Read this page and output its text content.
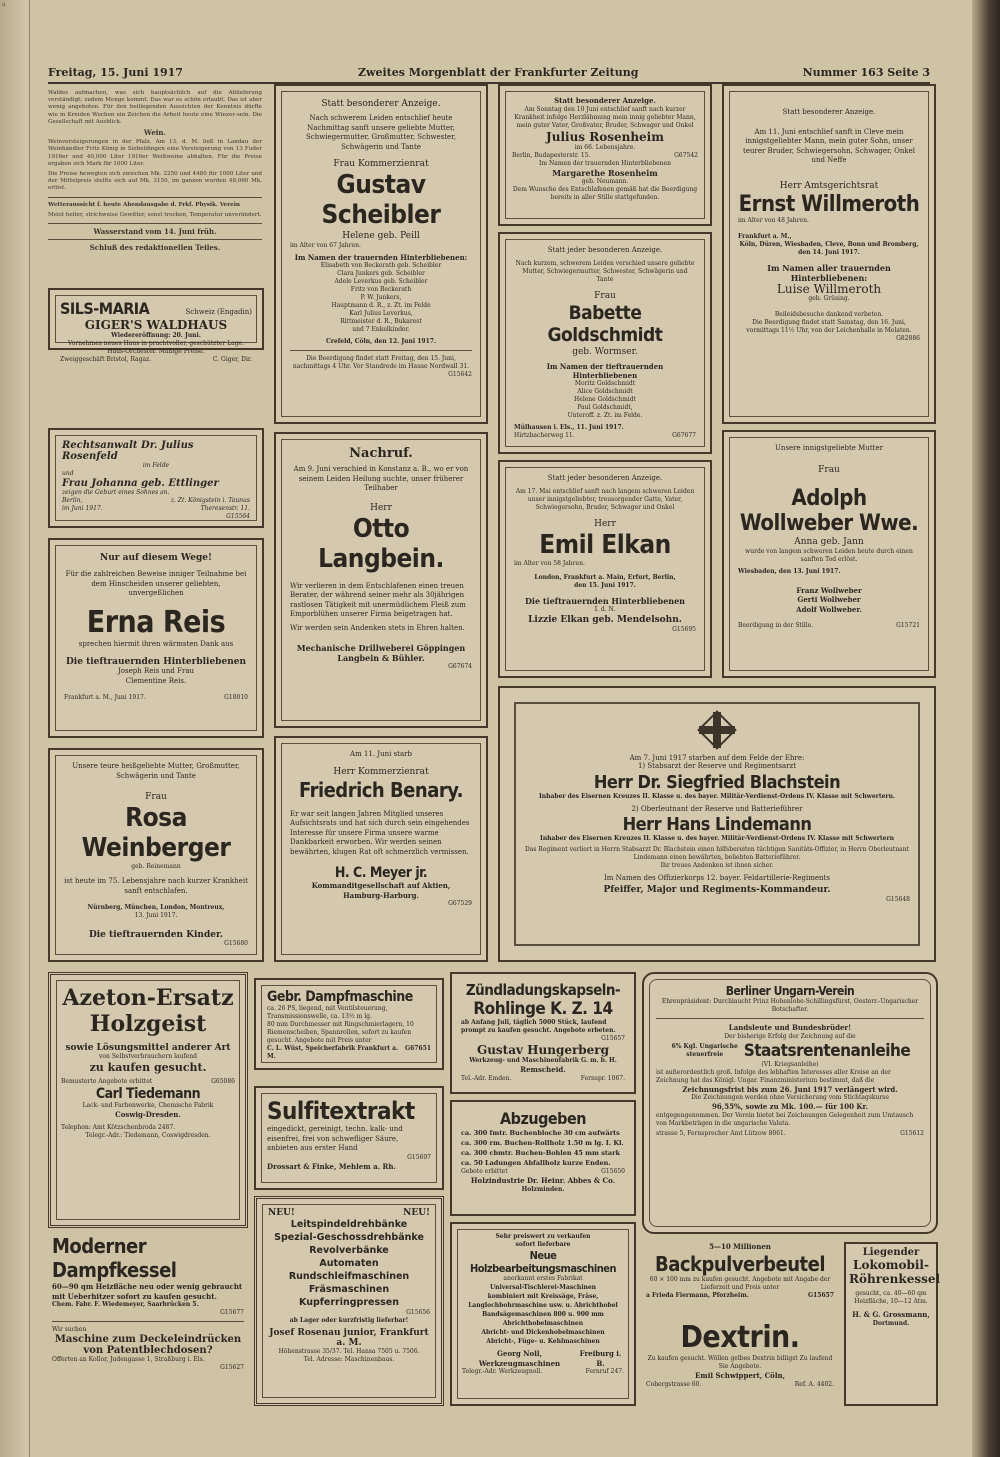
a
Freitag, 15. Juni 1917	Zweites Morgenblatt der Frankfurter Zeitung	Nummer 163 Seite 3

Waldes aufmachen, was sich hauptsächlich auf die Ablieferung verständigt; zudem Menge kommt. Das war es schön erlaubt. Das ist aber wenig angeboten. Für den beiliegenden Aussichten der Kenntnis dürfte wie in Kreiden Wochen ein Zeichen die Arbeit heute eine Winzer-sein. Die Gesellschaft mit Ausblick.

Wein.

Weinversteigerungen in der Pfalz. Am 13. d. M. ließ in Landau der Weinhändler Fritz König in Siebeldingen eine Versteigerung von 13 Fuder 1916er und 40,000 Liter 1916er Weißweine abhalten. Für die Preise ergaben sich Mark für 1000 Liter.

Die Preise bewegten sich zwischen Mk. 2250 und 4480 für 1000 Liter und der Mittelpreis stellte sich auf Mk. 3150, im ganzen wurden 48,060 Mk. erlöst.

Wetteraussicht f. heute Abendausgabe d. Frkf. Physik. Verein

Meist heiter, strichweise Gewitter, sonst trocken, Temperatur unverändert.

Wasserstand vom 14. Juni früh.

Schluß des redaktionellen Teiles.

SILS-MARIA	Schweiz (Engadin)
GIGER'S WALDHAUS
Wiedereröffnung: 20. Juni.
Vornehmes neues Haus in prachtvoller, geschützter Lage. Haus-Orchester. Mäßige Preise.
Zweiggeschäft Bristol, Ragaz.	C. Giger, Dir.
Rechtsanwalt Dr. Julius Rosenfeld
im Felde
und
Frau Johanna geb. Ettlinger
zeigen die Geburt eines Sohnes an.
Berlin,	z. Zt. Königstein i. Taunus
im Juni 1917.	Theresenstr. 11.
G15564
Nur auf diesem Wege!
Für die zahlreichen Beweise inniger Teilnahme bei dem Hinscheiden unserer geliebten, unvergeßlichen
Erna Reis
sprechen hiermit ihren wärmsten Dank aus
Die tieftrauernden Hinterbliebenen
Joseph Reis und Frau
Clementine Reis.
Frankfurt a. M., Juni 1917.	G18010
Unsere teure heißgeliebte Mutter, Großmutter, Schwägerin und Tante
Frau
Rosa Weinberger
geb. Reinemann
ist heute im 75. Lebensjahre nach kurzer Krankheit sanft entschlafen.
Nürnberg, München, London, Montreux,
13. Juni 1917.
Die tieftrauernden Kinder.
G15680
Statt besonderer Anzeige.
Nach schwerem Leiden entschlief heute Nachmittag sanft unsere geliebte Mutter, Schwiegermutter, Großmutter, Schwester, Schwägerin und Tante
Frau Kommerzienrat
Gustav Scheibler
Helene geb. Peill
im Alter von 67 Jahren.
Im Namen der trauernden Hinterbliebenen:
Elisabeth von Beckerath geb. Scheibler
Clara Junkers geb. Scheibler
Adele Leverkus geb. Scheibler
Fritz von Beckerath
P. W. Junkers,
Hauptmann d. R., z. Zt. im Felde
Karl Julius Leverkus,
Rittmeister d. R., Bukarest
und 7 Enkelkinder.
Crefeld, Cöln, den 12. Juni 1917.
Die Beerdigung findet statt Freitag, den 15. Juni, nachmittags 4 Uhr. Vor Standrede im Hause Nordwall 31.
G15642
Nachruf.
Am 9. Juni verschied in Konstanz a. B., wo er von seinem Leiden Heilung suchte, unser früherer Teilhaber
Herr
Otto Langbein.
Wir verlieren in dem Entschlafenen einen treuen Berater, der während seiner mehr als 30jährigen rastlosen Tätigkeit mit unermüdlichem Fleiß zum Emporblühen unserer Firma beigetragen hat.
Wir werden sein Andenken stets in Ehren halten.
Mechanische Drillweberei Göppingen
Langbein & Bühler.
G67674
Am 11. Juni starb
Herr Kommerzienrat
Friedrich Benary.
Er war seit langen Jahren Mitglied unseres Aufsichtsrats und hat sich durch sein eingehendes Interesse für unsere Firma unsere warme Dankbarkeit erworben. Wir werden seinen bewährten, klugen Rat oft schmerzlich vermissen.
H. C. Meyer jr.
Kommanditgesellschaft auf Aktien,
Hamburg-Harburg.
G67529
Statt besonderer Anzeige.
Am Sonntag den 10 Juni entschlief sanft nach kurzer Krankheit infolge Herzlähmung mein innig geliebter Mann, mein guter Vater, Großvater, Bruder, Schwager und Onkel
Julius Rosenheim
im 66. Lebensjahre.
Berlin, Budapesterstr. 15.	G67542
Im Namen der trauernden Hinterbliebenen
Margarethe Rosenheim
geb. Neumann.
Dem Wunsche des Entschlafenen gemäß hat die Beerdigung bereits in aller Stille stattgefunden.
Statt jeder besonderen Anzeige.
Nach kurzem, schwerem Leiden verschied unsere geliebte Mutter, Schwiegermutter, Schwester, Schwägerin und Tante
Frau
Babette Goldschmidt
geb. Wormser.
Im Namen der tieftrauernden Hinterbliebenen
Moritz Goldschmidt
Alice Goldschmidt
Helene Goldschmidt
Paul Goldschmidt,
Unteroff. z. Zt. im Felde.
Mülhausen i. Els., 11. Juni 1917.
Hirtzbacherweg 11.	G67677
Statt jeder besonderen Anzeige.
Am 17. Mai entschlief sanft nach langem schweren Leiden unser innigstgeliebter, treusorgender Gatte, Vater, Schwiegersohn, Bruder, Schwager und Onkel
Herr
Emil Elkan
im Alter von 58 Jahren.
London, Frankfurt a. Main, Erfurt, Berlin,
den 15. Juni 1917.
Die tieftrauernden Hinterbliebenen
I. d. N.
Lizzie Elkan geb. Mendelsohn.
G15695
Statt besonderer Anzeige.
Am 11. Juni entschlief sanft in Cleve mein innigstgeliebter Mann, mein guter Sohn, unser teurer Bruder, Schwiegersohn, Schwager, Onkel und Neffe
Herr Amtsgerichtsrat
Ernst Willmeroth
im Alter von 48 Jahren.
Frankfurt a. M.,
Köln, Düren, Wiesbaden, Cleve, Bonn und Bromberg, den 14. Juni 1917.
Im Namen aller trauernden Hinterbliebenen:
Luise Willmeroth
geb. Grüsing.
Beileidsbesuche dankend verbeten.
Die Beerdigung findet statt Samstag, den 16. Juni, vormittags 11½ Uhr, von der Leichenhalle in Melaten.
G82886
Unsere innigstgeliebte Mutter
Frau
Adolph Wollweber Wwe.
Anna geb. Jann
wurde von langem schweren Leiden heute durch einen sanften Tod erlöst.
Wiesbaden, den 13. Juni 1917.
Franz Wollweber
Gerti Wollweber
Adolf Wollweber.
Beerdigung in der Stille.	G15721
Am 7. Juni 1917 starben auf dem Felde der Ehre:
1) Stabsarzt der Reserve und Regimentsarzt
Herr Dr. Siegfried Blachstein
Inhaber des Eisernen Kreuzes II. Klasse u. des bayer. Militär-Verdienst-Ordens IV. Klasse mit Schwertern.
2) Oberleutnant der Reserve und Batterieführer
Herr Hans Lindemann
Inhaber des Eisernen Kreuzes II. Klasse u. des bayer. Militär-Verdienst-Ordens IV. Klasse mit Schwertern
Das Regiment verliert in Herrn Stabsarzt Dr. Blachstein einen hilfsbereiten tüchtigen Sanitäts-Offizier, in Herrn Oberleutnant Lindemann einen bewährten, beliebten Batterieführer.
Ihr treues Andenken ist ihnen sicher.
Im Namen des Offizierkorps 12. bayer. Feldartillerie-Regiments
Pfeiffer, Major und Regiments-Kommandeur.
G15648
Azeton-Ersatz
Holzgeist
sowie Lösungsmittel anderer Art
von Selbstverbrauchern laufend
zu kaufen gesucht.
Bemusterte Angebote erbittet	G65086
Carl Tiedemann
Lack- und Farbenwerke, Chemische Fabrik
Coswig-Dresden.
Telephon: Amt Kötzschenbroda 2487.
Telegr.-Adr.: Tiedemann, Coswigdresden.
Gebr. Dampfmaschine
ca. 26 PS, liegend, mit Ventilsteuerung, Transmissionswelle, ca. 13½ m lg.
80 mm Durchmesser mit Ringschmierlagern, 10 Riemenscheiben, Spannrollen, sofort zu kaufen gesucht. Angebote mit Preis unter
C. L. Wüst, Speicherfabrik Frankfurt a. M.
G67651
Sulfitextrakt
eingedickt, gereinigt, techn. kalk- und eisenfrei, frei von schwefliger Säure, anbieten aus erster Hand
G15697
Drossart & Finke, Mehlem a. Rh.
NEU!	NEU!
Leitspindeldrehbänke
Spezial-Geschossdrehbänke
Revolverbänke
Automaten
Rundschleifmaschinen
Fräsmaschinen
Kupferringpressen
G15656
ab Lager oder kurzfristig lieferbar!
Josef Rosenau junior, Frankfurt a. M.
Höhenstrasse 35/37. Tel. Hansa 7505 u. 7506.
Tel. Adresse: Maschinenbaus.
Zündladungskapseln-
Rohlinge K. Z. 14
ab Anfang Juli, täglich 5000 Stück, laufend prompt zu kaufen gesucht. Angebote erbeten.
G15657
Gustav Hungerberg
Werkzeug- und Maschinenfabrik G. m. b. H.
Remscheid.
Tel.-Adr. Emden.	Fernspr. 1067.
Abzugeben
ca. 300 fmtr. Buchenbloche 30 cm aufwärts
ca. 300 rm. Buchen-Rollholz 1.50 m lg. I. Kl.
ca. 300 cbmtr. Buchen-Bohlen 45 mm stark
ca. 50 Ladungen Abfallholz kurze Enden.
Gebote erbittet	G15650
Holzindustrie Dr. Heinr. Abbes & Co.
Holzminden.
Sehr preiswert zu verkaufen
sofort lieferbare
Neue Holzbearbeitungsmaschinen
anerkannt erstes Fabrikat
Universal-Tischlerei-Maschinen
kombiniert mit Kreissäge, Fräse, Langlochbohrmaschine usw. u. Abrichthobel
Bandsägemaschinen 800 u. 900 mm
Abrichthobelmaschinen
Abricht- und Dickenhobelmaschinen
Abricht-, Füge- u. Kehlmaschinen
Georg Noll, Werkzeugmaschinen
Freiburg i. B.
Telegr.-Adr. Werkzeugnoll.	Fernruf 247.
Berliner Ungarn-Verein
Ehrenpräsident: Durchlaucht Prinz Hohenlohe-Schillingsfürst, Oesterr.-Ungarischer Botschafter.
Landsleute und Bundesbrüder!
Der bisherige Erfolg der Zeichnung auf die
6% Kgl. Ungarische steuerfreie	Staatsrentenanleihe
(VI. Kriegsanleihe)
ist außerordentlich groß. Infolge des lebhaften Interesses aller Kreise an der Zeichnung hat das Königl. Ungar. Finanzministerium bestimmt, daß die
Zeichnungsfrist bis zum 26. Juni 1917 verlängert wird.
Die Zeichnungen werden ohne Versicherung vom Stichtagskurse
96,55%, sowie zu Mk. 100.— für 100 Kr.
entgegengenommen. Der Verein bietet bei Zeichnungen Gelegenheit zum Umtausch von Markbeträgen in die ungarische Valuta.
strasse 5, Fernsprecher Amt Lützow 8061.	G15612
Moderner Dampfkessel
60—90 qm Heizfläche neu oder wenig gebraucht mit Ueberhitzer sofort zu kaufen gesucht.
Chem. Fabr. F. Wiedemeyer, Saarbrücken 5.
G15677
Wir suchen
Maschine zum Deckeleindrücken
von Patentblechdosen?
Offerten an Kollor, Judengasse 1, Straßburg i. Els.
G15627
5—10 Millionen
Backpulverbeutel
60 × 100 mm zu kaufen gesucht. Angebote mit Angabe der Lieferzeit und Preis unter
a Frieda Fiermann, Pforzheim.	G15657
Dextrin.
Zu kaufen gesucht. Wöllen gelbes Dextrin billigst Zu laufend Sie Angebote.
Emil Schwippert, Cöln,
Cobergstrasse 60.	Ref. A. 4402.
Liegender
Lokomobil-
Röhrenkessel
gesucht, ca. 40—60 qm Heizfläche, 10—12 Atm.
H. & G. Grossmann,
Dortmund.
